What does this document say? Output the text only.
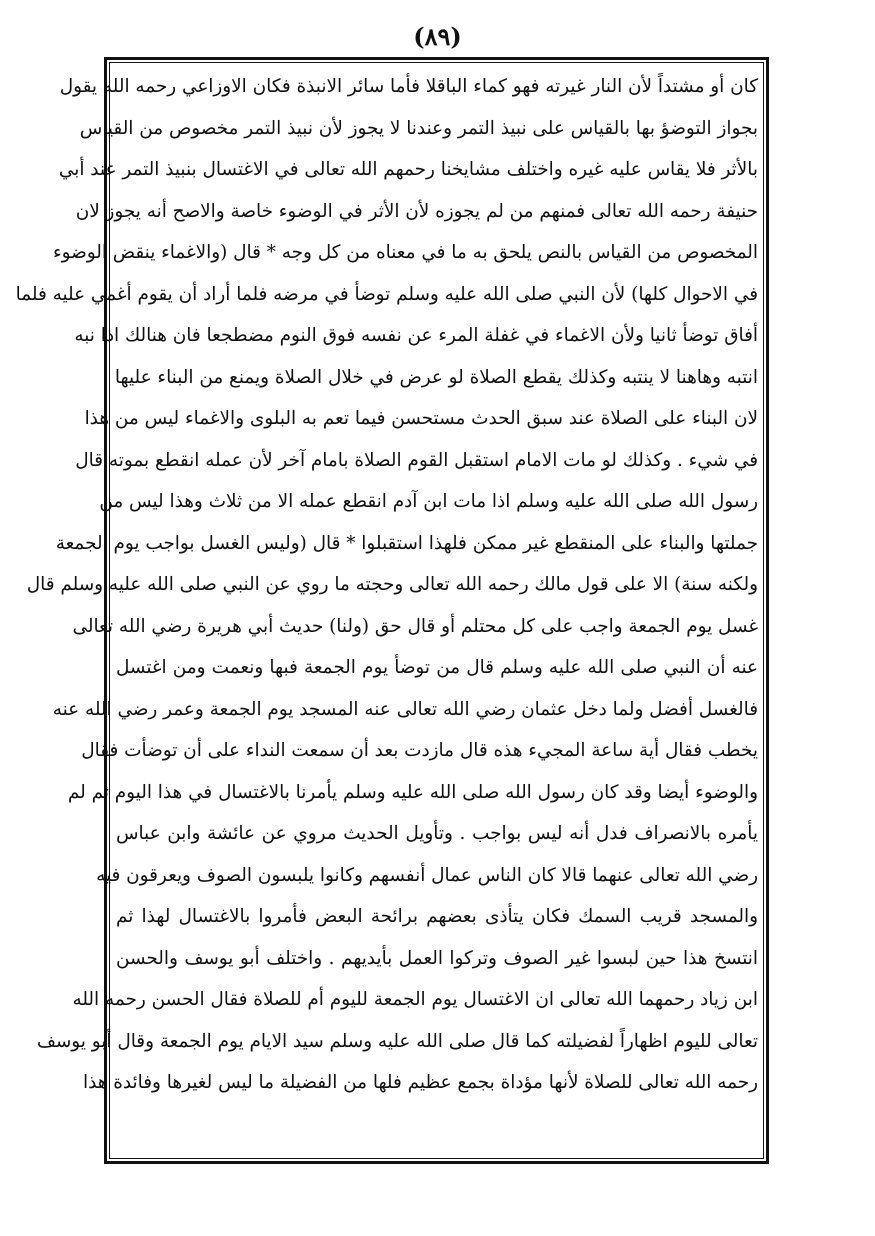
(٨٩)
كان أو مشتداً لأن النار غيرته فهو كماء الباقلا فأما سائر الانبذة فكان الاوزاعي رحمه الله يقول
بجواز التوضؤ بها بالقياس على نبيذ التمر وعندنا لا يجوز لأن نبيذ التمر مخصوص من القياس
بالأثر فلا يقاس عليه غيره واختلف مشايخنا رحمهم الله تعالى في الاغتسال بنبيذ التمر عند أبي
حنيفة رحمه الله تعالى فمنهم من لم يجوزه لأن الأثر في الوضوء خاصة والاصح أنه يجوز لان
المخصوص من القياس بالنص يلحق به ما في معناه من كل وجه * قال (والاغماء ينقض الوضوء
في الاحوال كلها) لأن النبي صلى الله عليه وسلم توضأ في مرضه فلما أراد أن يقوم أغمي عليه فلما
أفاق توضأ ثانيا ولأن الاغماء في غفلة المرء عن نفسه فوق النوم مضطجعا فان هنالك اذا نبه
انتبه وهاهنا لا ينتبه وكذلك يقطع الصلاة لو عرض في خلال الصلاة ويمنع من البناء عليها
لان البناء على الصلاة عند سبق الحدث مستحسن فيما تعم به البلوى والاغماء ليس من هذا
في شيء . وكذلك لو مات الامام استقبل القوم الصلاة بامام آخر لأن عمله انقطع بموته قال
رسول الله صلى الله عليه وسلم اذا مات ابن آدم انقطع عمله الا من ثلاث وهذا ليس من
جملتها والبناء على المنقطع غير ممكن فلهذا استقبلوا * قال (وليس الغسل بواجب يوم الجمعة
ولكنه سنة) الا على قول مالك رحمه الله تعالى وحجته ما روي عن النبي صلى الله عليه وسلم قال
غسل يوم الجمعة واجب على كل محتلم أو قال حق (ولنا) حديث أبي هريرة رضي الله تعالى
عنه أن النبي صلى الله عليه وسلم قال من توضأ يوم الجمعة فبها ونعمت ومن اغتسل
فالغسل أفضل ولما دخل عثمان رضي الله تعالى عنه المسجد يوم الجمعة وعمر رضي الله عنه
يخطب فقال أية ساعة المجيء هذه قال مازدت بعد أن سمعت النداء على أن توضأت فقال
والوضوء أيضا وقد كان رسول الله صلى الله عليه وسلم يأمرنا بالاغتسال في هذا اليوم ثم لم
يأمره بالانصراف فدل أنه ليس بواجب . وتأويل الحديث مروي عن عائشة وابن عباس
رضي الله تعالى عنهما قالا كان الناس عمال أنفسهم وكانوا يلبسون الصوف ويعرقون فيه
والمسجد قريب السمك فكان يتأذى بعضهم برائحة البعض فأمروا بالاغتسال لهذا ثم
انتسخ هذا حين لبسوا غير الصوف وتركوا العمل بأيديهم . واختلف أبو يوسف والحسن
ابن زياد رحمهما الله تعالى ان الاغتسال يوم الجمعة لليوم أم للصلاة فقال الحسن رحمه الله
تعالى لليوم اظهاراً لفضيلته كما قال صلى الله عليه وسلم سيد الايام يوم الجمعة وقال أبو يوسف
رحمه الله تعالى للصلاة لأنها مؤداة بجمع عظيم فلها من الفضيلة ما ليس لغيرها وفائدة هذا
